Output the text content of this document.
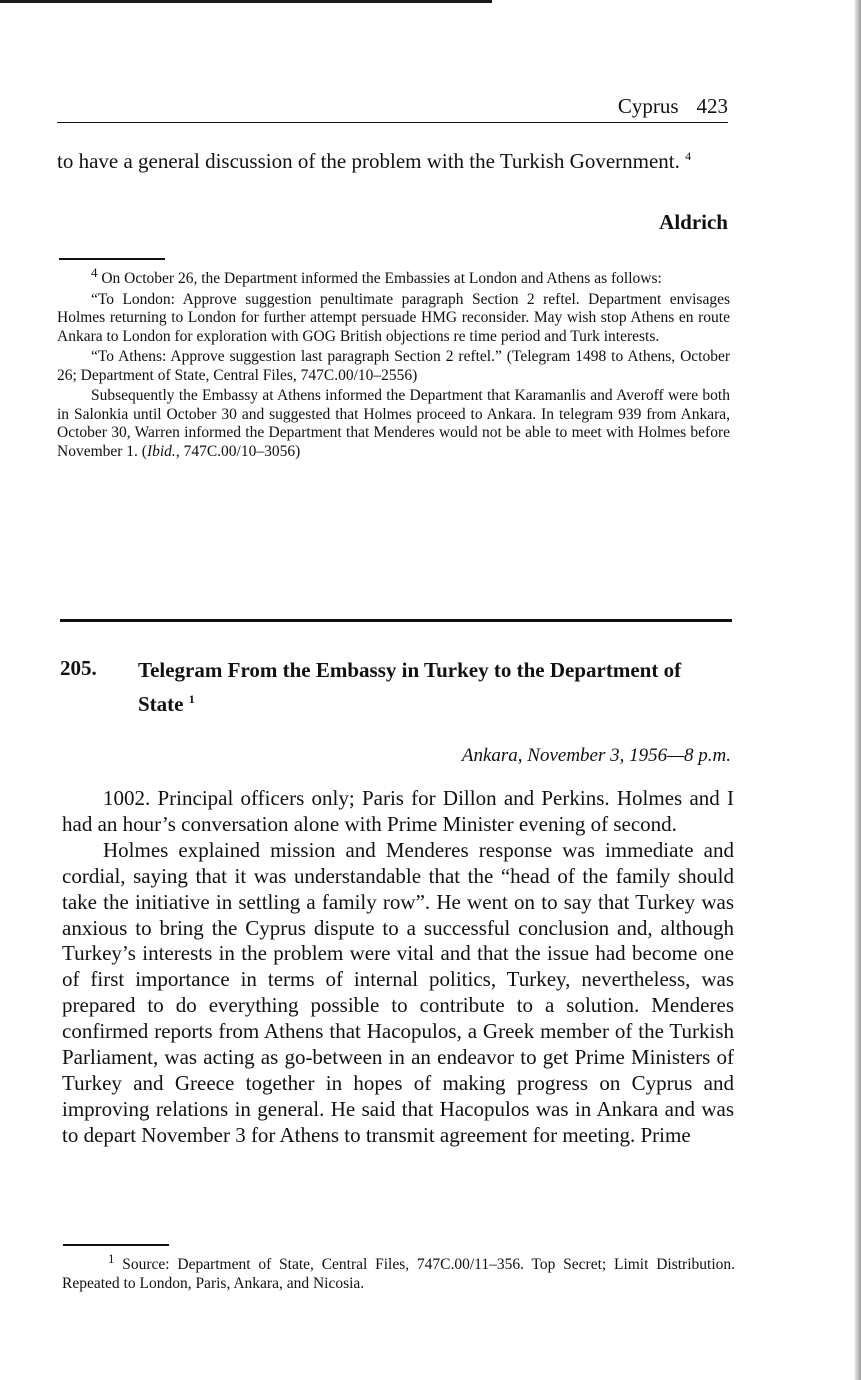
Cyprus 423
to have a general discussion of the problem with the Turkish Government. $^4$
Aldrich

$^4$ On October 26, the Department informed the Embassies at London and Athens as follows:

“To London: Approve suggestion penultimate paragraph Section 2 reftel. Department envisages Holmes returning to London for further attempt persuade HMG reconsider. May wish stop Athens en route Ankara to London for exploration with GOG British objections re time period and Turk interests.

“To Athens: Approve suggestion last paragraph Section 2 reftel.” (Telegram 1498 to Athens, October 26; Department of State, Central Files, 747C.00/10–2556)

Subsequently the Embassy at Athens informed the Department that Karamanlis and Averoff were both in Salonkia until October 30 and suggested that Holmes proceed to Ankara. In telegram 939 from Ankara, October 30, Warren informed the Department that Menderes would not be able to meet with Holmes before November 1. (Ibid., 747C.00/10–3056)

205. Telegram From the Embassy in Turkey to the Department of State $^1$
Ankara, November 3, 1956—8 p.m.

1002. Principal officers only; Paris for Dillon and Perkins. Holmes and I had an hour’s conversation alone with Prime Minister evening of second.

Holmes explained mission and Menderes response was immediate and cordial, saying that it was understandable that the “head of the family should take the initiative in settling a family row”. He went on to say that Turkey was anxious to bring the Cyprus dispute to a successful conclusion and, although Turkey’s interests in the problem were vital and that the issue had become one of first importance in terms of internal politics, Turkey, nevertheless, was prepared to do everything possible to contribute to a solution. Menderes confirmed reports from Athens that Hacopulos, a Greek member of the Turkish Parliament, was acting as go-between in an endeavor to get Prime Ministers of Turkey and Greece together in hopes of making progress on Cyprus and improving relations in general. He said that Hacopulos was in Ankara and was to depart November 3 for Athens to transmit agreement for meeting. Prime

$^1$ Source: Department of State, Central Files, 747C.00/11–356. Top Secret; Limit Distribution. Repeated to London, Paris, Ankara, and Nicosia.
